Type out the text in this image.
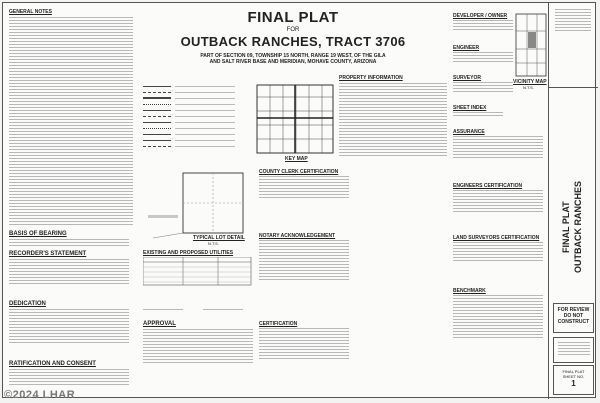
FINAL PLAT
FOR
OUTBACK RANCHES, TRACT 3706
PART OF SECTION 09, TOWNSHIP 15 NORTH, RANGE 19 WEST, OF THE GILA
AND SALT RIVER BASE AND MERIDIAN, MOHAVE COUNTY, ARIZONA
GENERAL NOTES
BASIS OF BEARING
RECORDER'S STATEMENT
DEDICATION
RATIFICATION AND CONSENT
TYPICAL LOT DETAIL
N.T.S.
EXISTING AND PROPOSED UTILITIES
APPROVAL
KEY MAP
COUNTY CLERK CERTIFICATION
NOTARY ACKNOWLEDGEMENT
CERTIFICATION
PROPERTY INFORMATION
DEVELOPER / OWNER
ENGINEER
SURVEYOR
SHEET INDEX
ASSURANCE
ENGINEERS CERTIFICATION
LAND SURVEYORS CERTIFICATION
BENCHMARK
VICINITY MAP
N.T.S.
FINAL PLAT OUTBACK RANCHES
FOR REVIEW
DO NOT
CONSTRUCT
FINAL PLAT
SHEET NO.
1
©2024 LHAR
